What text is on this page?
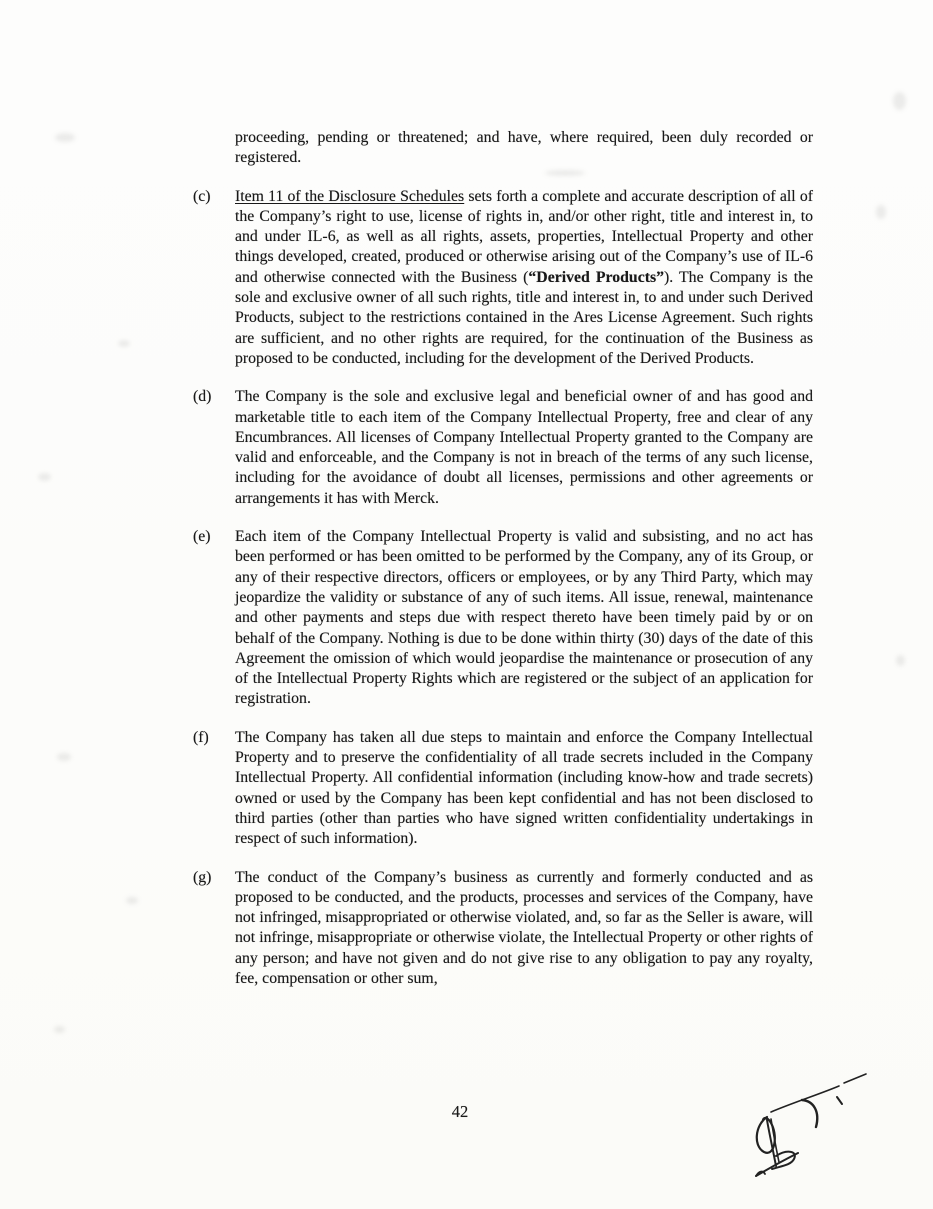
proceeding, pending or threatened; and have, where required, been duly recorded or registered.

(c) Item 11 of the Disclosure Schedules sets forth a complete and accurate description of all of the Company’s right to use, license of rights in, and/or other right, title and interest in, to and under IL-6, as well as all rights, assets, properties, Intellectual Property and other things developed, created, produced or otherwise arising out of the Company’s use of IL-6 and otherwise connected with the Business (“Derived Products”). The Company is the sole and exclusive owner of all such rights, title and interest in, to and under such Derived Products, subject to the restrictions contained in the Ares License Agreement. Such rights are sufficient, and no other rights are required, for the continuation of the Business as proposed to be conducted, including for the development of the Derived Products.

(d) The Company is the sole and exclusive legal and beneficial owner of and has good and marketable title to each item of the Company Intellectual Property, free and clear of any Encumbrances. All licenses of Company Intellectual Property granted to the Company are valid and enforceable, and the Company is not in breach of the terms of any such license, including for the avoidance of doubt all licenses, permissions and other agreements or arrangements it has with Merck.

(e) Each item of the Company Intellectual Property is valid and subsisting, and no act has been performed or has been omitted to be performed by the Company, any of its Group, or any of their respective directors, officers or employees, or by any Third Party, which may jeopardize the validity or substance of any of such items. All issue, renewal, maintenance and other payments and steps due with respect thereto have been timely paid by or on behalf of the Company. Nothing is due to be done within thirty (30) days of the date of this Agreement the omission of which would jeopardise the maintenance or prosecution of any of the Intellectual Property Rights which are registered or the subject of an application for registration.

(f) The Company has taken all due steps to maintain and enforce the Company Intellectual Property and to preserve the confidentiality of all trade secrets included in the Company Intellectual Property. All confidential information (including know-how and trade secrets) owned or used by the Company has been kept confidential and has not been disclosed to third parties (other than parties who have signed written confidentiality undertakings in respect of such information).

(g) The conduct of the Company’s business as currently and formerly conducted and as proposed to be conducted, and the products, processes and services of the Company, have not infringed, misappropriated or otherwise violated, and, so far as the Seller is aware, will not infringe, misappropriate or otherwise violate, the Intellectual Property or other rights of any person; and have not given and do not give rise to any obligation to pay any royalty, fee, compensation or other sum,

42
